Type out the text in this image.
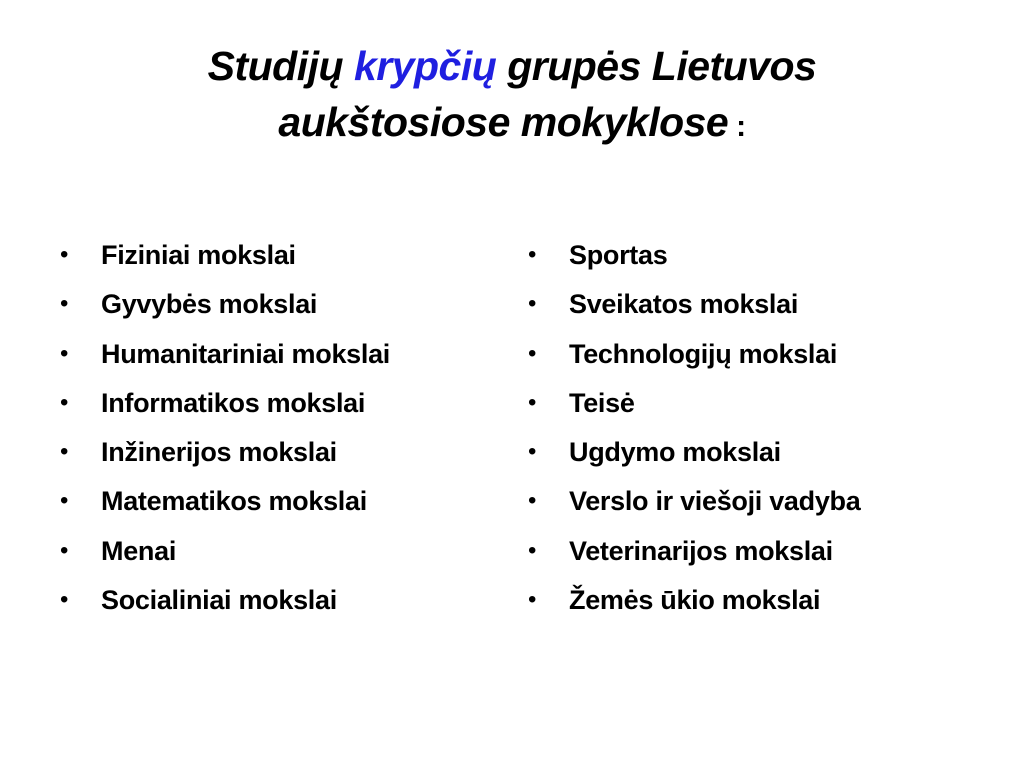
Studijų krypčių grupės Lietuvos
aukštosiose mokyklose :
•	Fiziniai mokslai
•	Gyvybės mokslai
•	Humanitariniai mokslai
•	Informatikos mokslai
•	Inžinerijos mokslai
•	Matematikos mokslai
•	Menai
•	Socialiniai mokslai
•	Sportas
•	Sveikatos mokslai
•	Technologijų mokslai
•	Teisė
•	Ugdymo mokslai
•	Verslo ir viešoji vadyba
•	Veterinarijos mokslai
•	Žemės ūkio mokslai
